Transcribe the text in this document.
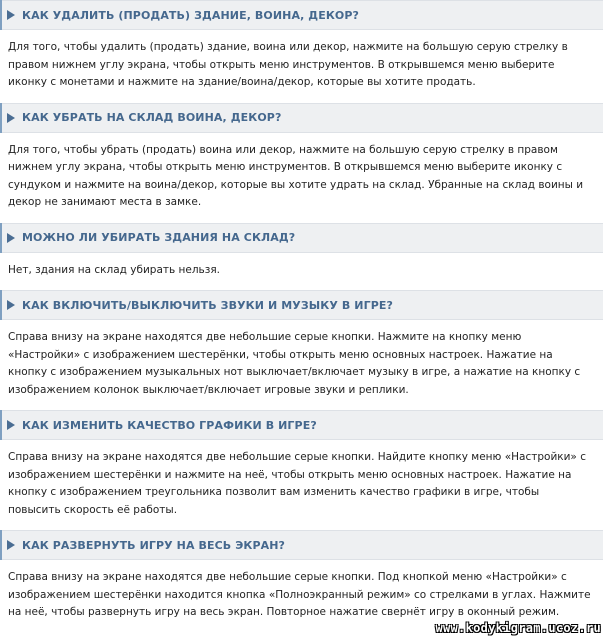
КАК УДАЛИТЬ (ПРОДАТЬ) ЗДАНИЕ, ВОИНА, ДЕКОР?
Для того, чтобы удалить (продать) здание, воина или декор, нажмите на большую серую стрелку в правом нижнем углу экрана, чтобы открыть меню инструментов. В открывшемся меню выберите иконку с монетами и нажмите на здание/воина/декор, которые вы хотите продать.
КАК УБРАТЬ НА СКЛАД ВОИНА, ДЕКОР?
Для того, чтобы убрать (продать) воина или декор, нажмите на большую серую стрелку в правом нижнем углу экрана, чтобы открыть меню инструментов. В открывшемся меню выберите иконку с сундуком и нажмите на воина/декор, которые вы хотите удрать на склад. Убранные на склад воины и декор не занимают места в замке.
МОЖНО ЛИ УБИРАТЬ ЗДАНИЯ НА СКЛАД?
Нет, здания на склад убирать нельзя.
КАК ВКЛЮЧИТЬ/ВЫКЛЮЧИТЬ ЗВУКИ И МУЗЫКУ В ИГРЕ?
Справа внизу на экране находятся две небольшие серые кнопки. Нажмите на кнопку меню «Настройки» с изображением шестерёнки, чтобы открыть меню основных настроек. Нажатие на кнопку с изображением музыкальных нот выключает/включает музыку в игре, а нажатие на кнопку с изображением колонок выключает/включает игровые звуки и реплики.
КАК ИЗМЕНИТЬ КАЧЕСТВО ГРАФИКИ В ИГРЕ?
Справа внизу на экране находятся две небольшие серые кнопки. Найдите кнопку меню «Настройки» с изображением шестерёнки и нажмите на неё, чтобы открыть меню основных настроек. Нажатие на кнопку с изображением треугольника позволит вам изменить качество графики в игре, чтобы повысить скорость её работы.
КАК РАЗВЕРНУТЬ ИГРУ НА ВЕСЬ ЭКРАН?
Справа внизу на экране находятся две небольшие серые кнопки. Под кнопкой меню «Настройки» с изображением шестерёнки находится кнопка «Полноэкранный режим» со стрелками в углах. Нажмите на неё, чтобы развернуть игру на весь экран. Повторное нажатие свернёт игру в оконный режим.
www.kodykigram.ucoz.ru
